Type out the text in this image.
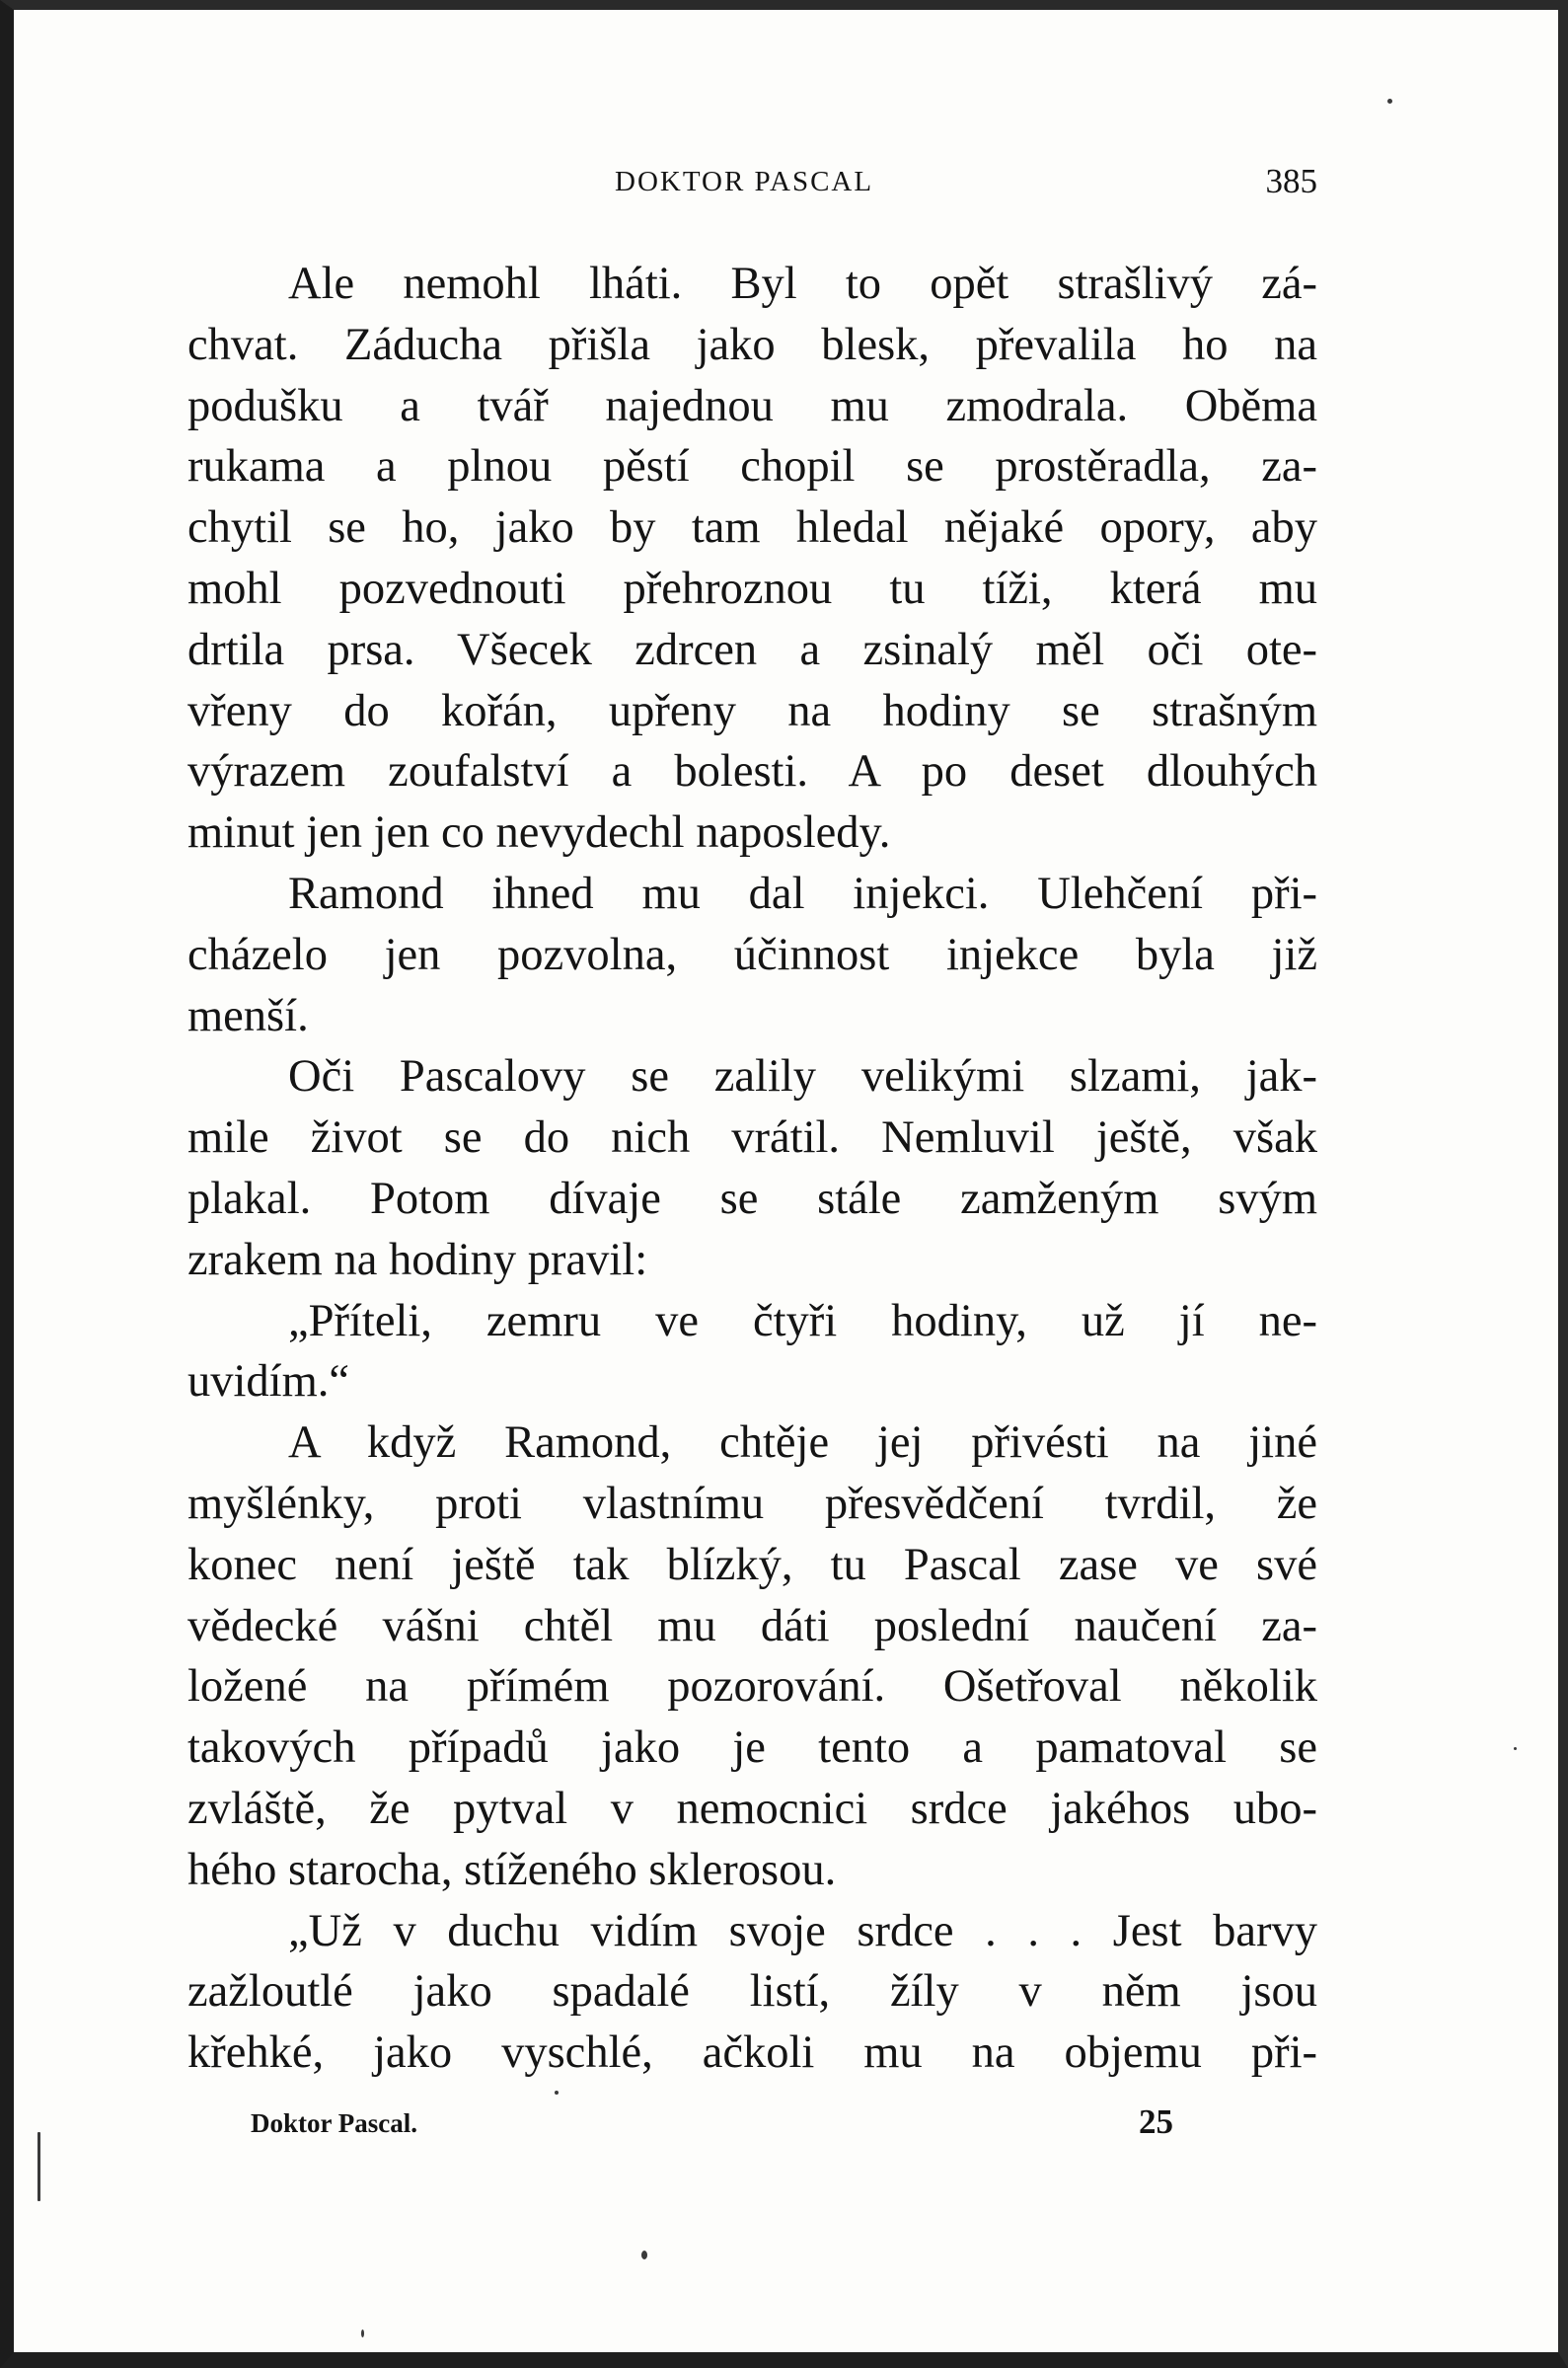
DOKTOR PASCAL	385
Ale nemohl lháti. Byl to opět strašlivý zá-
chvat. Záducha přišla jako blesk, převalila ho na
podušku a tvář najednou mu zmodrala. Oběma
rukama a plnou pěstí chopil se prostěradla, za-
chytil se ho, jako by tam hledal nějaké opory, aby
mohl pozvednouti přehroznou tu tíži, která mu
drtila prsa. Všecek zdrcen a zsinalý měl oči ote-
vřeny do kořán, upřeny na hodiny se strašným
výrazem zoufalství a bolesti. A po deset dlouhých
minut jen jen co nevydechl naposledy.
Ramond ihned mu dal injekci. Ulehčení při-
cházelo jen pozvolna, účinnost injekce byla již
menší.
Oči Pascalovy se zalily velikými slzami, jak-
mile život se do nich vrátil. Nemluvil ještě, však
plakal. Potom dívaje se stále zamženým svým
zrakem na hodiny pravil:
„Příteli, zemru ve čtyři hodiny, už jí ne-
uvidím.“
A když Ramond, chtěje jej přivésti na jiné
myšlénky, proti vlastnímu přesvědčení tvrdil, že
konec není ještě tak blízký, tu Pascal zase ve své
vědecké vášni chtěl mu dáti poslední naučení za-
ložené na přímém pozorování. Ošetřoval několik
takových případů jako je tento a pamatoval se
zvláště, že pytval v nemocnici srdce jakéhos ubo-
hého starocha, stíženého sklerosou.
„Už v duchu vidím svoje srdce . . . Jest barvy
zažloutlé jako spadalé listí, žíly v něm jsou
křehké, jako vyschlé, ačkoli mu na objemu při-
Doktor Pascal.	25
